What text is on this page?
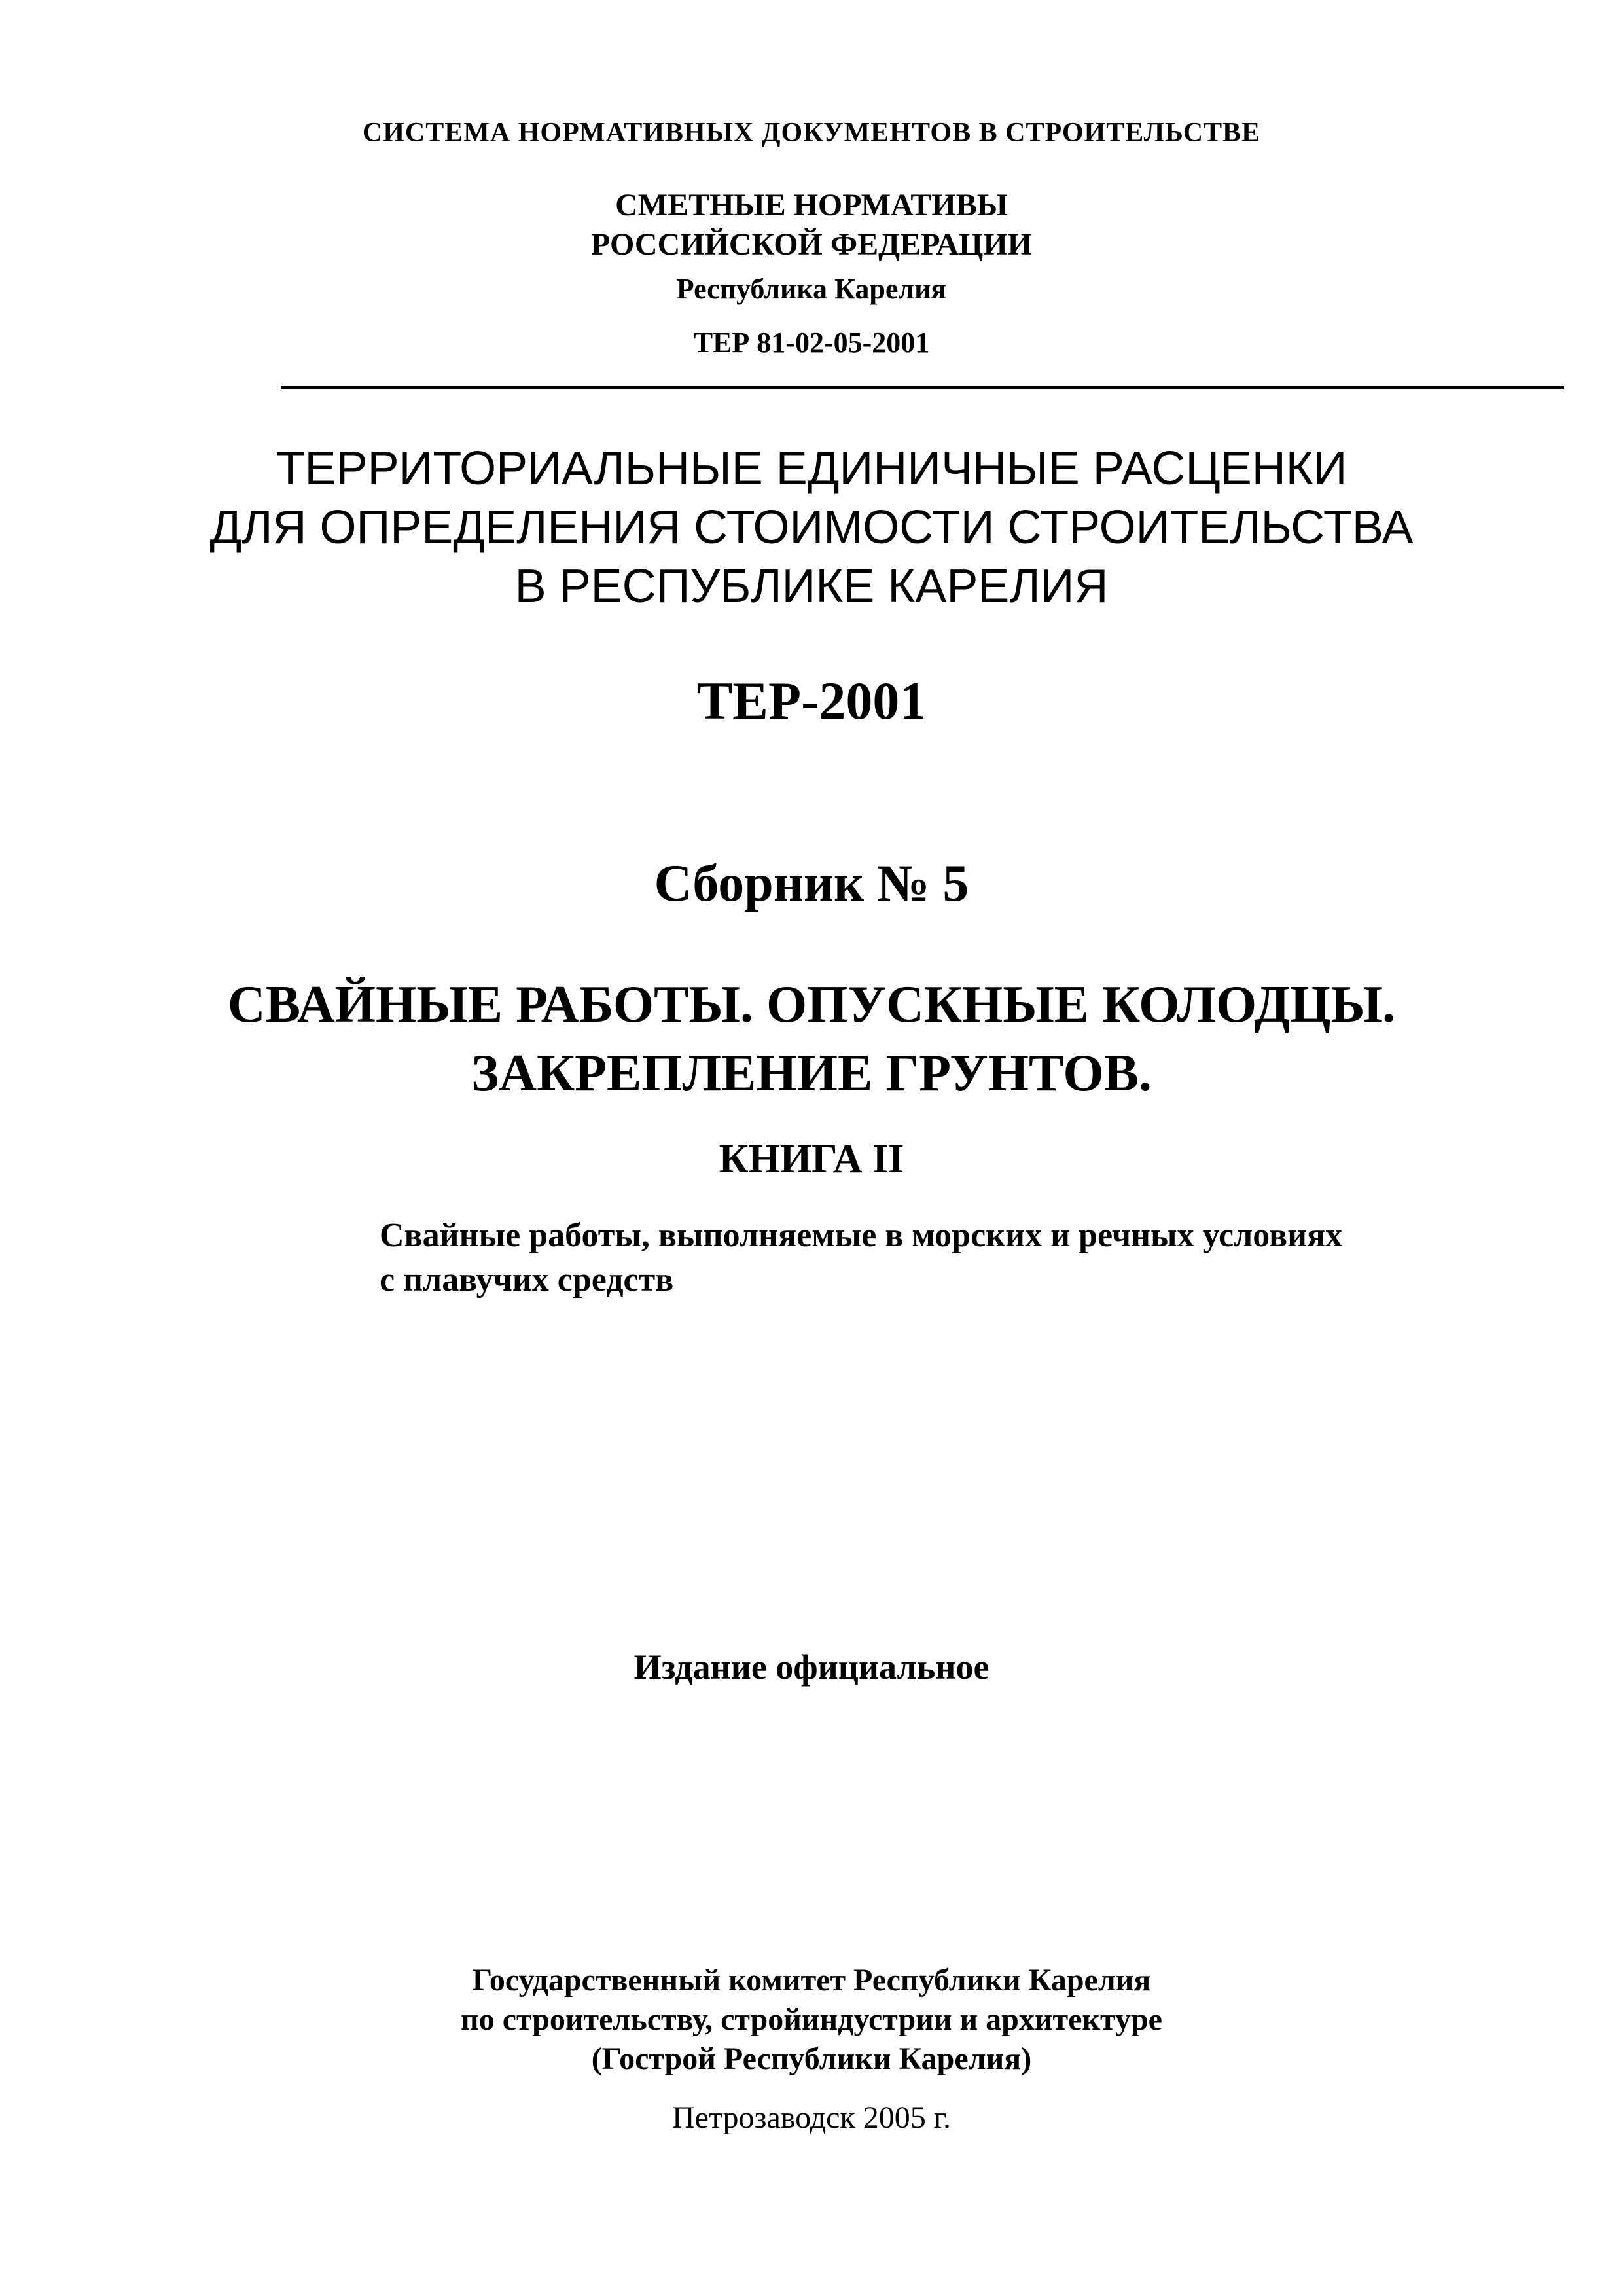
СИСТЕМА НОРМАТИВНЫХ ДОКУМЕНТОВ В СТРОИТЕЛЬСТВЕ
СМЕТНЫЕ НОРМАТИВЫ
РОССИЙСКОЙ ФЕДЕРАЦИИ
Республика Карелия
ТЕР 81-02-05-2001
ТЕРРИТОРИАЛЬНЫЕ ЕДИНИЧНЫЕ РАСЦЕНКИ
ДЛЯ ОПРЕДЕЛЕНИЯ СТОИМОСТИ СТРОИТЕЛЬСТВА
В РЕСПУБЛИКЕ КАРЕЛИЯ
ТЕР-2001
Сборник № 5
СВАЙНЫЕ РАБОТЫ. ОПУСКНЫЕ КОЛОДЦЫ.
ЗАКРЕПЛЕНИЕ ГРУНТОВ.
КНИГА II
Свайные работы, выполняемые в морских и речных условиях
с плавучих средств
Издание официальное
Государственный комитет Республики Карелия
по строительству, стройиндустрии и архитектуре
(Гострой Республики Карелия)
Петрозаводск 2005 г.
